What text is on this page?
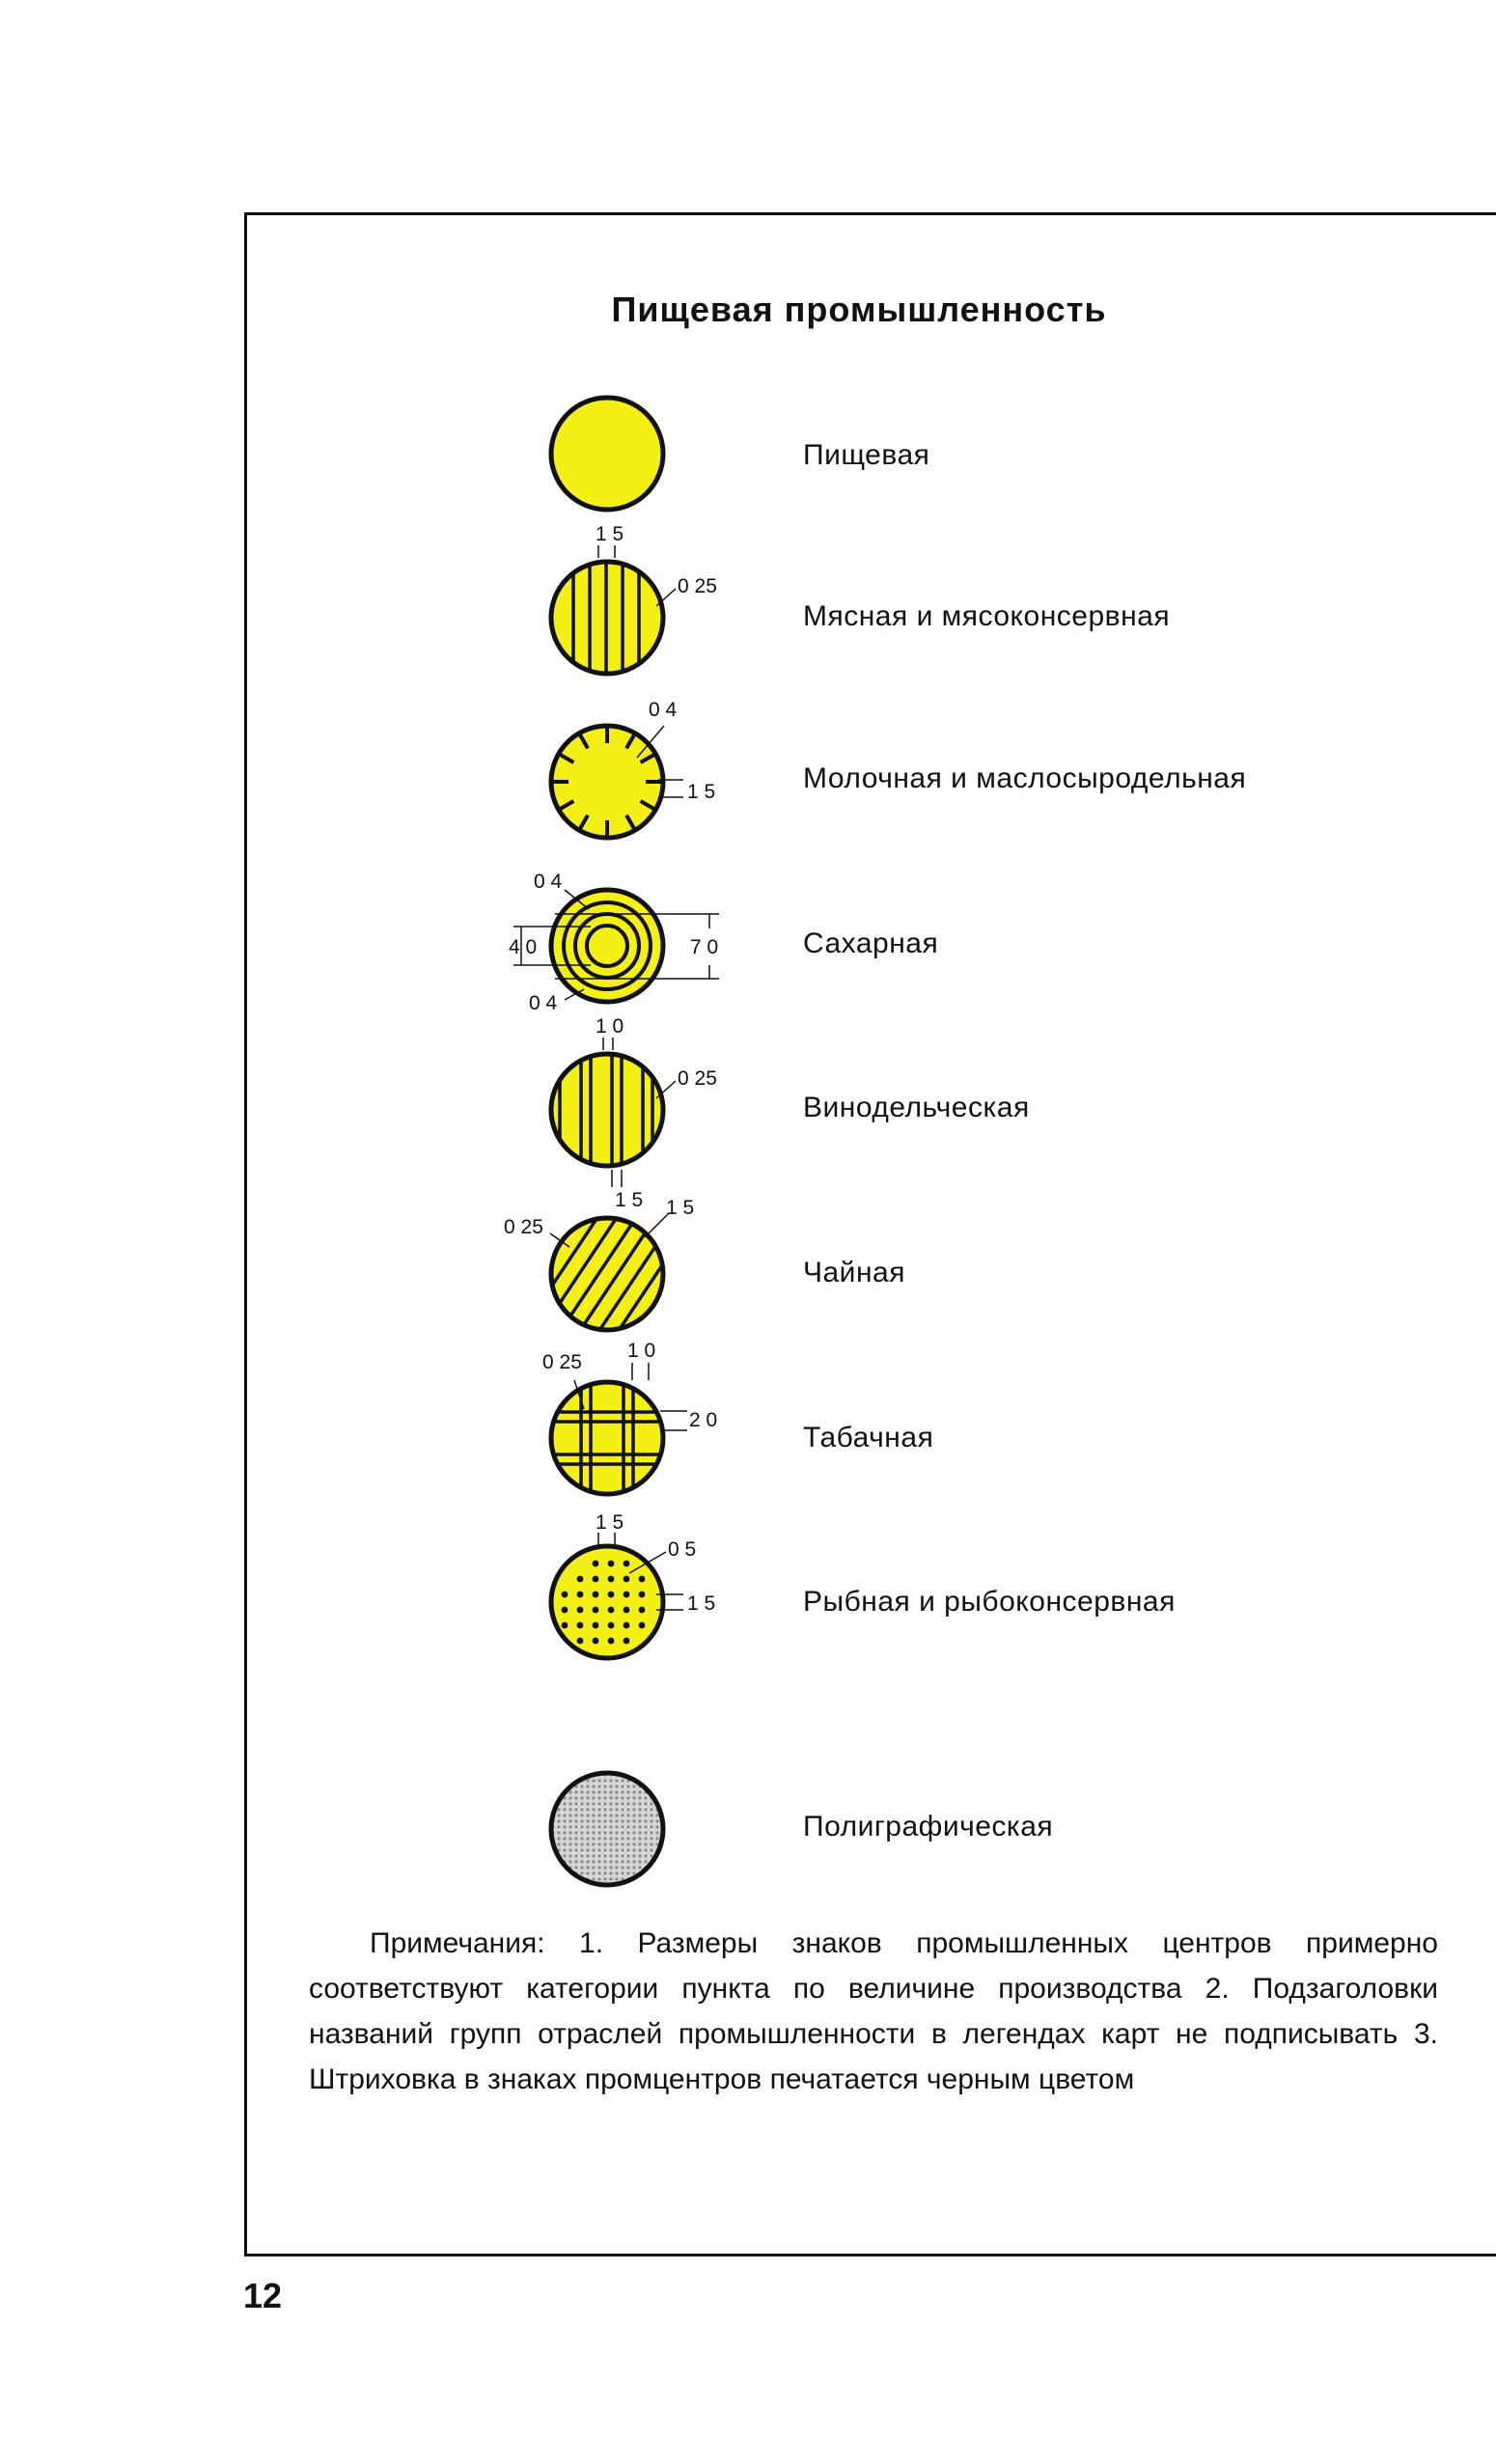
Пищевая промышленность
1 5
0 25
0 4
1 5
0 4
4 0	7 0
0 4
1 0
0 25
1 5
0 25
1 5
0 25
1 0
2 0
1 5
0 5
1 5
Пищевая
Мясная и мясоконсервная
Молочная и маслосыродельная
Сахарная
Винодельческая
Чайная
Табачная
Рыбная и рыбоконсервная
Полиграфическая

Примечания: 1. Размеры знаков промышленных центров примерно соответствуют категории пункта по величине производства 2. Подзаголовки названий групп отраслей промышленности в легендах карт не подписывать 3. Штриховка в знаках промцентров печатается черным цветом

12
